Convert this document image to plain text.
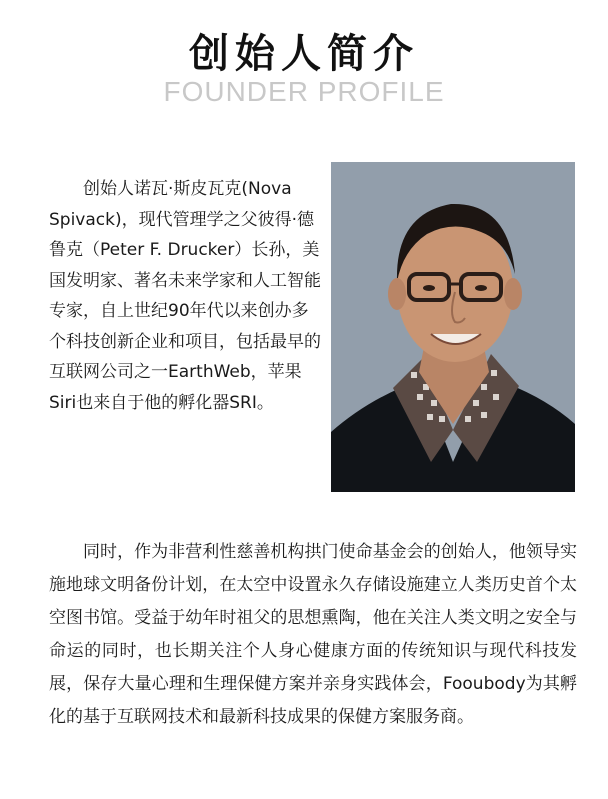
创始人简介
FOUNDER PROFILE

创始人诺瓦·斯皮瓦克(Nova Spivack)，现代管理学之父彼得·德鲁克（Peter F. Drucker）长孙，美国发明家、著名未来学家和人工智能专家，自上世纪90年代以来创办多个科技创新企业和项目，包括最早的互联网公司之一EarthWeb，苹果Siri也来自于他的孵化器SRI。

同时，作为非营利性慈善机构拱门使命基金会的创始人，他领导实施地球文明备份计划，在太空中设置永久存储设施建立人类历史首个太空图书馆。受益于幼年时祖父的思想熏陶，他在关注人类文明之安全与命运的同时，也长期关注个人身心健康方面的传统知识与现代科技发展，保存大量心理和生理保健方案并亲身实践体会，Fooubody为其孵化的基于互联网技术和最新科技成果的保健方案服务商。
